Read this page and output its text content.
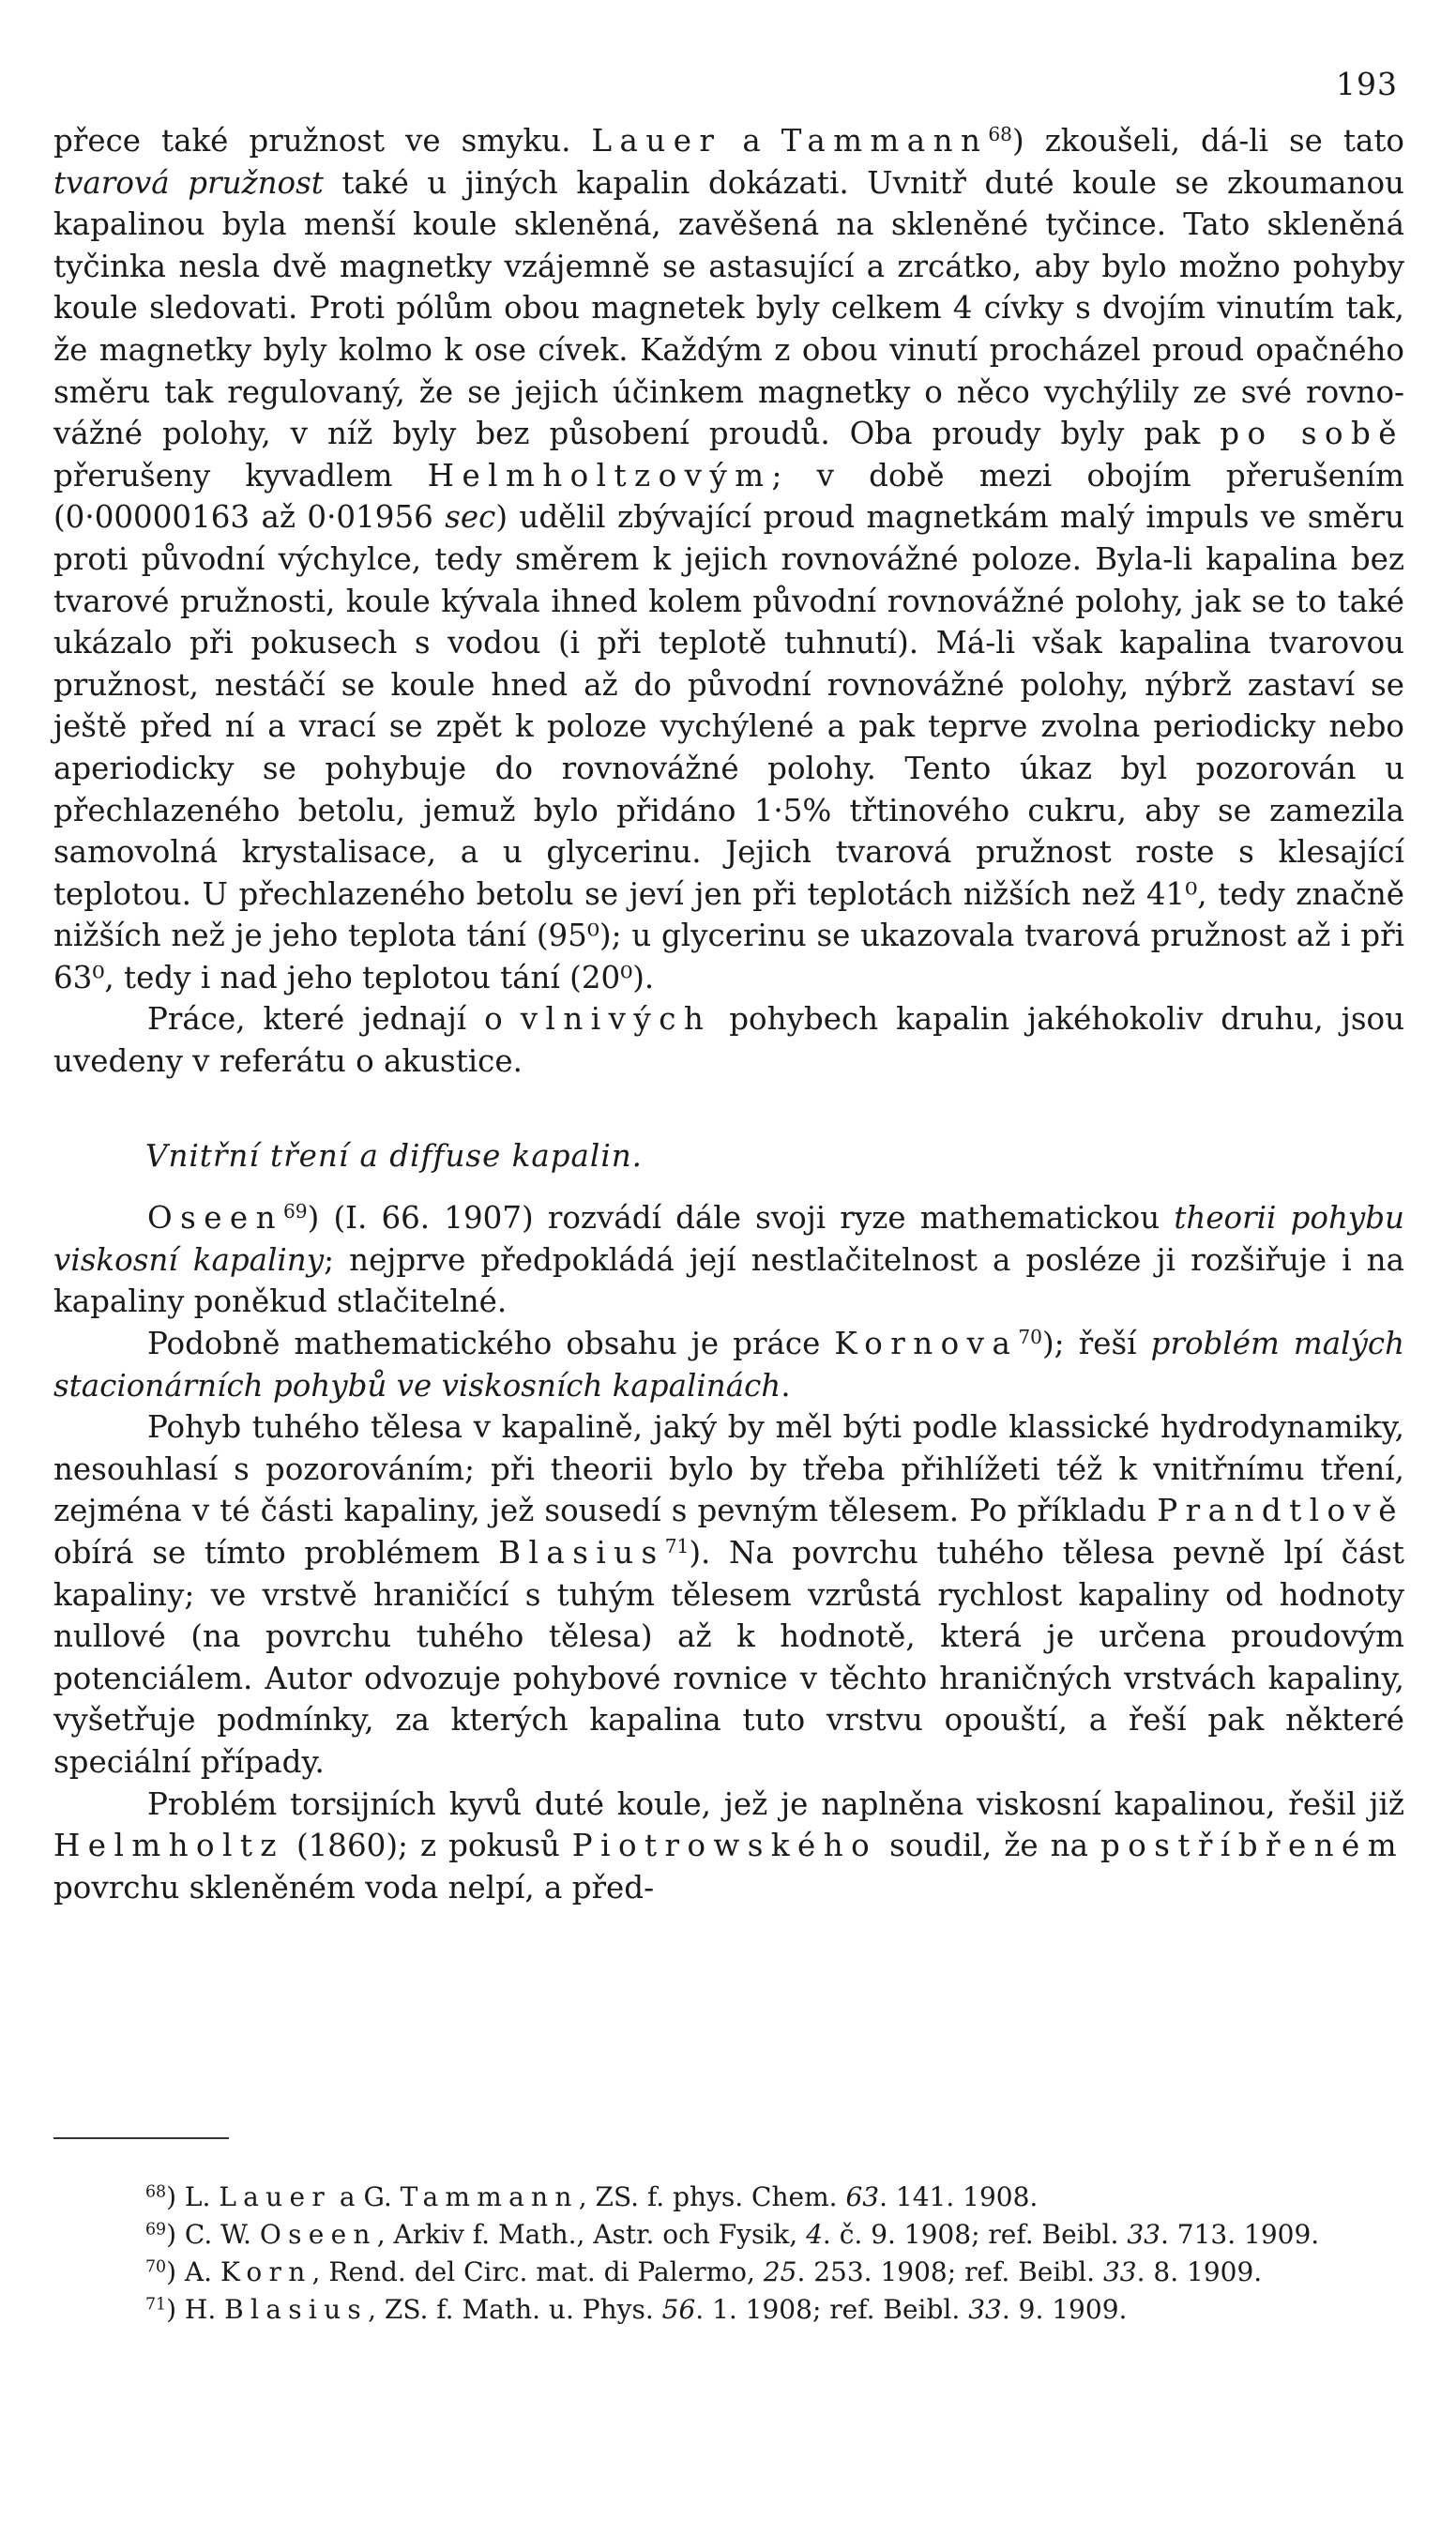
193

přece také pružnost ve smyku. Lauer a Tammann$^{68}$) zkoušeli, dá-li se tato tvarová pružnost také u jiných kapalin dokázati. Uvnitř duté koule se zkoumanou kapalinou byla menší koule skleněná, zavěšená na skleněné tyčince. Tato skleněná tyčinka nesla dvě magnetky vzájemně se astasující a zrcátko, aby bylo možno pohyby koule sledovati. Proti pólům obou magnetek byly celkem 4 cívky s dvojím vinutím tak, že magnetky byly kolmo k ose cívek. Každým z obou vinutí procházel proud opačného směru tak regulovaný, že se jejich účinkem magnetky o něco vychýlily ze své rovnovážné polohy, v níž byly bez působení proudů. Oba proudy byly pak po sobě přerušeny kyvadlem Helmholtzovým; v době mezi obojím přerušením (0·00000163 až 0·01956 sec) udělil zbývající proud magnetkám malý impuls ve směru proti původní výchylce, tedy směrem k jejich rovnovážné poloze. Byla-li kapalina bez tvarové pružnosti, koule kývala ihned kolem původní rovnovážné polohy, jak se to také ukázalo při pokusech s vodou (i při teplotě tuhnutí). Má-li však kapalina tvarovou pružnost, nestáčí se koule hned až do původní rovnovážné polohy, nýbrž zastaví se ještě před ní a vrací se zpět k poloze vychýlené a pak teprve zvolna periodicky nebo aperiodicky se pohybuje do rovnovážné polohy. Tento úkaz byl pozorován u přechlazeného betolu, jemuž bylo přidáno 1·5% třtinového cukru, aby se zamezila samovolná krystalisace, a u glycerinu. Jejich tvarová pružnost roste s klesající teplotou. U přechlazeného betolu se jeví jen při teplotách nižších než 41⁰, tedy značně nižších než je jeho teplota tání (95⁰); u glycerinu se ukazovala tvarová pružnost až i při 63⁰, tedy i nad jeho teplotou tání (20⁰).

Práce, které jednají o vlnivých pohybech kapalin jakéhokoliv druhu, jsou uvedeny v referátu o akustice.

Vnitřní tření a diffuse kapalin.

Oseen$^{69}$) (I. 66. 1907) rozvádí dále svoji ryze mathematickou theorii pohybu viskosní kapaliny; nejprve předpokládá její nestlačitelnost a posléze ji rozšiřuje i na kapaliny poněkud stlačitelné.

Podobně mathematického obsahu je práce Kornova$^{70}$); řeší problém malých stacionárních pohybů ve viskosních kapalinách.

Pohyb tuhého tělesa v kapalině, jaký by měl býti podle klassické hydrodynamiky, nesouhlasí s pozorováním; při theorii bylo by třeba přihlížeti též k vnitřnímu tření, zejména v té části kapaliny, jež sousedí s pevným tělesem. Po příkladu Prandtlově obírá se tímto problémem Blasius$^{71}$). Na povrchu tuhého tělesa pevně lpí část kapaliny; ve vrstvě hraničící s tuhým tělesem vzrůstá rychlost kapaliny od hodnoty nullové (na povrchu tuhého tělesa) až k hodnotě, která je určena proudovým potenciálem. Autor odvozuje pohybové rovnice v těchto hraničných vrstvách kapaliny, vyšetřuje podmínky, za kterých kapalina tuto vrstvu opouští, a řeší pak některé speciální případy.

Problém torsijních kyvů duté koule, jež je naplněna viskosní kapalinou, řešil již Helmholtz (1860); z pokusů Piotrowského soudil, že na postříbřeném povrchu skleněném voda nelpí, a před-

$^{68}$) L. Lauer a G. Tammann, ZS. f. phys. Chem. 63. 141. 1908.

$^{69}$) C. W. Oseen, Arkiv f. Math., Astr. och Fysik, 4. č. 9. 1908; ref. Beibl. 33. 713. 1909.

$^{70}$) A. Korn, Rend. del Circ. mat. di Palermo, 25. 253. 1908; ref. Beibl. 33. 8. 1909.

$^{71}$) H. Blasius, ZS. f. Math. u. Phys. 56. 1. 1908; ref. Beibl. 33. 9. 1909.
